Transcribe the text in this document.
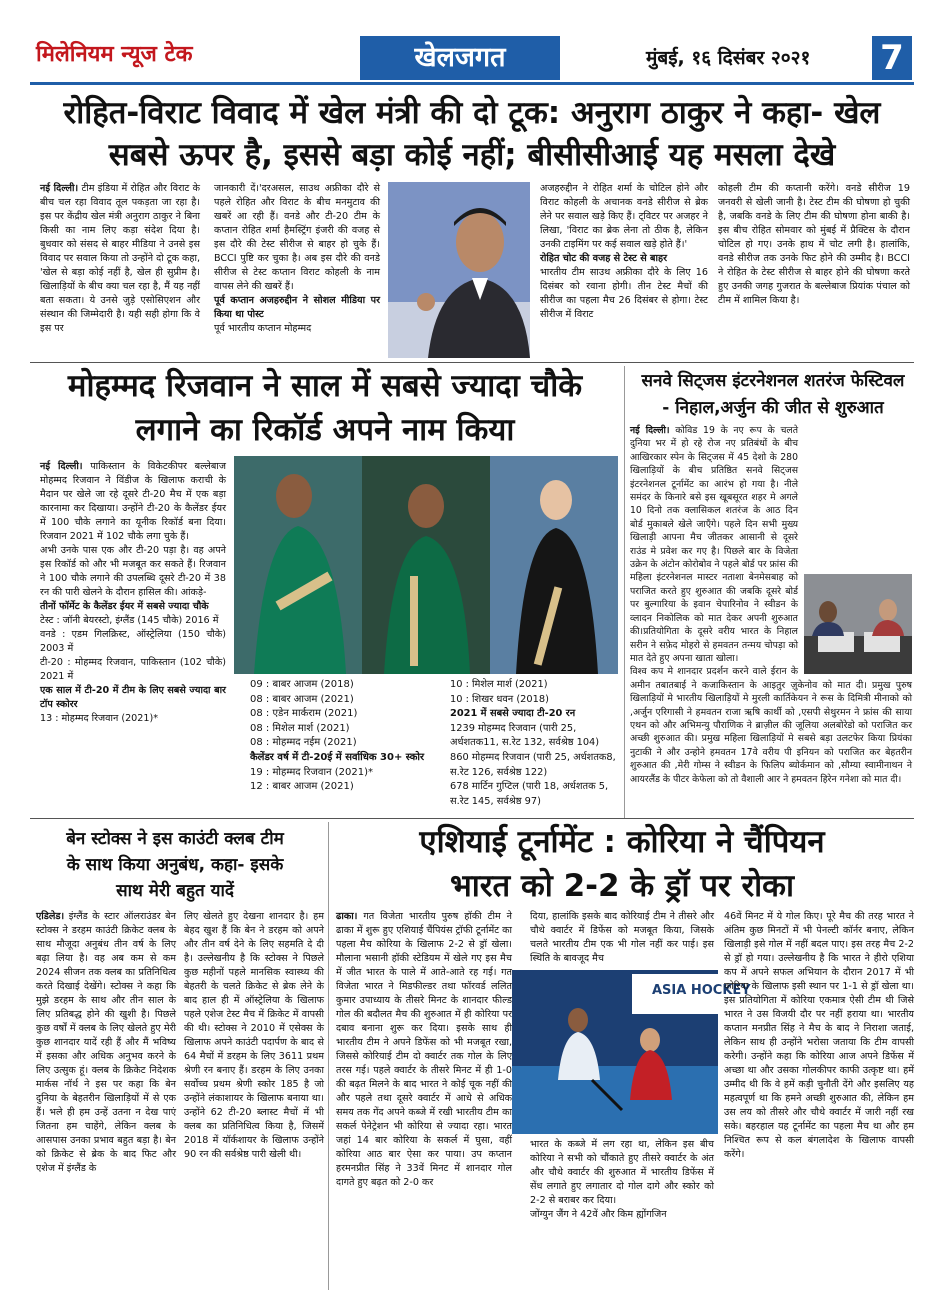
मिलेनियम न्यूज टेक	खेलजगत	मुंबई, १६ दिसंबर २०२१ 7
रोहित-विराट विवाद में खेल मंत्री की दो टूक: अनुराग ठाकुर ने कहा- खेल
सबसे ऊपर है, इससे बड़ा कोई नहीं; बीसीसीआई यह मसला देखे

नई दिल्ली। टीम इंडिया में रोहित और विराट के बीच चल रहा विवाद तूल पकड़ता जा रहा है। इस पर केंद्रीय खेल मंत्री अनुराग ठाकुर ने बिना किसी का नाम लिए कड़ा संदेश दिया है। बुधवार को संसद से बाहर मीडिया ने उनसे इस विवाद पर सवाल किया तो उन्होंने दो टूक कहा, 'खेल से बड़ा कोई नहीं है, खेल ही सुप्रीम है। खिलाड़ियों के बीच क्या चल रहा है, मैं यह नहीं बता सकता। ये उनसे जुड़े एसोसिएशन और संस्थान की जिम्मेदारी है। यही सही होगा कि वे इस पर

जानकारी दें।'दरअसल, साउथ अफ्रीका दौरे से पहले रोहित और विराट के बीच मनमुटाव की खबरें आ रही हैं। वनडे और टी-20 टीम के कप्तान रोहित शर्मा हैमस्ट्रिंग इंजरी की वजह से इस दौरे की टेस्ट सीरीज से बाहर हो चुके हैं। BCCI पुष्टि कर चुका है। अब इस दौरे की वनडे सीरीज से टेस्ट कप्तान विराट कोहली के नाम वापस लेने की खबरें हैं।

पूर्व कप्तान अजहरुद्दीन ने सोशल मीडिया पर किया था पोस्ट

पूर्व भारतीय कप्तान मोहम्मद

अजहरुद्दीन ने रोहित शर्मा के चोटिल होने और विराट कोहली के अचानक वनडे सीरीज से ब्रेक लेने पर सवाल खड़े किए हैं। ट्विटर पर अजहर ने लिखा, 'विराट का ब्रेक लेना तो ठीक है, लेकिन उनकी टाइमिंग पर कई सवाल खड़े होते हैं।'

रोहित चोट की वजह से टेस्ट से बाहर

भारतीय टीम साउथ अफ्रीका दौरे के लिए 16 दिसंबर को रवाना होगी। तीन टेस्ट मैचों की सीरीज का पहला मैच 26 दिसंबर से होगा। टेस्ट सीरीज में विराट

कोहली टीम की कप्तानी करेंगे। वनडे सीरीज 19 जनवरी से खेली जानी है। टेस्ट टीम की घोषणा हो चुकी है, जबकि वनडे के लिए टीम की घोषणा होना बाकी है।इस बीच रोहित सोमवार को मुंबई में प्रैक्टिस के दौरान चोटिल हो गए। उनके हाथ में चोट लगी है। हालांकि, वनडे सीरीज तक उनके फिट होने की उम्मीद है। BCCI ने रोहित के टेस्ट सीरीज से बाहर होने की घोषणा करते हुए उनकी जगह गुजरात के बल्लेबाज प्रियांक पंचाल को टीम में शामिल किया है।

मोहम्मद रिजवान ने साल में सबसे ज्यादा चौके
लगाने का रिकॉर्ड अपने नाम किया

नई दिल्ली। पाकिस्तान के विकेटकीपर बल्लेबाज मोहम्मद रिजवान ने विंडीज के खिलाफ कराची के मैदान पर खेले जा रहे दूसरे टी-20 मैच में एक बड़ा कारनामा कर दिखाया। उन्होंने टी-20 के कैलेंडर ईयर में 100 चौके लगाने का यूनीक रिकॉर्ड बना दिया। रिजवान 2021 में 102 चौके लगा चुके हैं।

अभी उनके पास एक और टी-20 पड़ा है। वह अपने इस रिकॉर्ड को और भी मजबूत कर सकते हैं। रिजवान ने 100 चौके लगाने की उपलब्धि दूसरे टी-20 में 38 रन की पारी खेलने के दौरान हासिल की। आंकड़े-

तीनों फॉर्मेट के कैलेंडर ईयर में सबसे ज्यादा चौके

टेस्ट : जॉनी बेयरस्टो, इंग्लैंड (145 चौके) 2016 में

वनडे : एडम गिलक्रिस्ट, ऑस्ट्रेलिया (150 चौके) 2003 में

टी-20 : मोहम्मद रिजवान, पाकिस्तान (102 चौके) 2021 में

एक साल में टी-20 में टीम के लिए सबसे ज्यादा बार टॉप स्कोरर

13 : मोहम्मद रिजवान (2021)*

09 : बाबर आजम (2018)
08 : बाबर आजम (2021)
08 : एडेन मार्कराम (2021)
08 : मिशेल मार्श (2021)
08 : मोहम्मद नईम (2021)
कैलेंडर वर्ष में टी-20ई में सर्वाधिक 30+ स्कोर
19 : मोहम्मद रिजवान (2021)*
12 : बाबर आजम (2021)
10 : मिशेल मार्श (2021)
10 : शिखर धवन (2018)
2021 में सबसे ज्यादा टी-20 रन
1239 मोहम्मद रिजवान (पारी 25, अर्धशतक11, स.रेट 132, सर्वश्रेष्ठ 104)
860 मोहम्मद रिजवान (पारी 25, अर्धशतक8, स.रेट 126, सर्वश्रेष्ठ 122)
678 मार्टिन गुप्टिल (पारी 18, अर्धशतक 5, स.रेट 145, सर्वश्रेष्ठ 97)
सनवे सिट्जस इंटरनेशनल शतरंज फेस्टिवल
- निहाल,अर्जुन की जीत से शुरुआत

नई दिल्ली। कोविड 19 के नए रूप के चलते दुनिया भर में हो रहे रोज नए प्रतिबंधों के बीच आखिरकार स्पेन के सिट्जस में 45 देशो के 280 खिलाड़ियों के बीच प्रतिष्ठित सनवे सिट्जस इंटरनेशनल टूर्नामेंट का आरंभ हो गया है। नीले समंदर के किनारे बसे इस खूबसूरत शहर मे अगले 10 दिनो तक क्लासिकल शतरंज के आठ दिन बोर्ड मुकाबले खेले जाएँगे। पहले दिन सभी मुख्य खिलाड़ी आपना मैच जीतकर आसानी से दूसरे राउंड मे प्रवेश कर गए है। पिछले बार के विजेता उक्रेन के अंटोन कोरोबोव ने पहले बोर्ड पर फ्रांस की महिला इंटरनेशनल मास्टर नताशा बेनमेसबाह को पराजित करते हुए शुरुआत की जबकि दूसरे बोर्ड पर बुल्गारिया के इवान चेपारिनोव ने स्वीडन के व्लादन निकोलिक को मात देकर अपनी शुरुआत की।प्रतियोगिता के दूसरे वरीय भारत के निहाल सरीन ने सफ़ेद मोहरो से हमवतन तन्मय चोपड़ा को मात देते हुए अपना खाता खोला।

विश्व कप मे शानदार प्रदर्शन करने वाले ईरान के अमीन तबातबाई ने कजाकिस्तान के आइतुर ज़ुकेनोव को मात दी। प्रमुख पुरुष खिलाड़ियों मे भारतीय खिलाड़ियों मे मुरली कार्तिकेयन ने रूस के दिमित्री मीनाको को ,अर्जुन एरिगासी ने हमवतन राजा ऋषि कार्थी को ,एसपी सेथुरमन ने फ्रांस की साया एथन को और अभिमन्यु पौराणिक ने ब्राज़ील की जूलिया अलबोरेडो को पराजित कर अच्छी शुरुआत की। प्रमुख महिला खिलाड़ियों मे सबसे बड़ा उलटफेर किया प्रियंका नुटाकी ने और उन्होने हमवतन 17वे वरीय पी इनियन को पराजित कर बेहतरीन शुरुआत की ,मेरी गोम्स ने स्वीडन के फिलिप ब्योर्कमान को ,सौम्या स्वामीनाथन ने आयरलैंड के पीटर केफेला को तो वैशाली आर ने हमवतन हिरेन गनेशा को मात दी।

बेन स्टोक्स ने इस काउंटी क्लब टीम
के साथ किया अनुबंध, कहा- इसके
साथ मेरी बहुत यादें

एडिलेड। इंग्लैंड के स्टार ऑलराउंडर बेन स्टोक्स ने डरहम काउंटी क्रिकेट क्लब के साथ मौजूदा अनुबंध तीन वर्ष के लिए बढ़ा लिया है। वह अब कम से कम 2024 सीजन तक क्लब का प्रतिनिधित्व करते दिखाई देखेंगे। स्टोक्स ने कहा कि मुझे डरहम के साथ और तीन साल के लिए प्रतिबद्ध होने की खुशी है। पिछले कुछ वर्षों में क्लब के लिए खेलते हुए मेरी कुछ शानदार यादें रही हैं और मैं भविष्य में इसका और अधिक अनुभव करने के लिए उत्सुक हूं। क्लब के क्रिकेट निदेशक मार्कस नॉर्थ ने इस पर कहा कि बेन दुनिया के बेहतरीन खिलाड़ियों में से एक हैं। भले ही हम उन्हें उतना न देख पाएं जितना हम चाहेंगे, लेकिन क्लब के आसपास उनका प्रभाव बहुत बड़ा है। बेन को क्रिकेट से ब्रेक के बाद फिट और एशेज में इंग्लैंड के

लिए खेलते हुए देखना शानदार है। हम बेहद खुश हैं कि बेन ने डरहम को अपने और तीन वर्ष देने के लिए सहमति दे दी है। उल्लेखनीय है कि स्टोक्स ने पिछले कुछ महीनों पहले मानसिक स्वास्थ्य की बेहतरी के चलते क्रिकेट से ब्रेक लेने के बाद हाल ही में ऑस्ट्रेलिया के खिलाफ पहले एशेज टेस्ट मैच में क्रिकेट में वापसी की थी। स्टोक्स ने 2010 में एसेक्स के खिलाफ अपने काउंटी पदार्पण के बाद से 64 मैचों में डरहम के लिए 3611 प्रथम श्रेणी रन बनाए हैं। डरहम के लिए उनका सर्वोच्च प्रथम श्रेणी स्कोर 185 है जो उन्होंने लंकाशायर के खिलाफ बनाया था। उन्होंने 62 टी-20 ब्लास्ट मैचों में भी क्लब का प्रतिनिधित्व किया है, जिसमें 2018 में यॉर्कशायर के खिलाफ उन्होंने 90 रन की सर्वश्रेष्ठ पारी खेली थी।

एशियाई टूर्नामेंट : कोरिया ने चैंपियन
भारत को 2-2 के ड्रॉ पर रोका

ढाका। गत विजेता भारतीय पुरुष हॉकी टीम ने ढाका में शुरू हुए एशियाई चैंपियंस ट्रॉफी टूर्नामेंट का पहला मैच कोरिया के खिलाफ 2-2 से ड्रॉ खेला। मौलाना भसानी हॉकी स्टेडियम में खेले गए इस मैच में जीत भारत के पाले में आते-आते रह गई। गत विजेता भारत ने मिडफील्डर तथा फॉरवर्ड ललित कुमार उपाध्याय के तीसरे मिनट के शानदार फील्ड गोल की बदौलत मैच की शुरुआत में ही कोरिया पर दबाव बनाना शुरू कर दिया। इसके साथ ही भारतीय टीम ने अपने डिफेंस को भी मजबूत रखा, जिससे कोरियाई टीम दो क्वार्टर तक गोल के लिए तरस गई। पहले क्वार्टर के तीसरे मिनट में ही 1-0 की बढ़त मिलने के बाद भारत ने कोई चूक नहीं की और पहले तथा दूसरे क्वार्टर में आधे से अधिक समय तक गेंद अपने कब्जे में रखी भारतीय टीम का सकर्ल पेनेट्रेशन भी कोरिया से ज्यादा रहा। भारत जहां 14 बार कोरिया के सकर्ल में घुसा, वहीं कोरिया आठ बार ऐसा कर पाया। उप कप्तान हरमनप्रीत सिंह ने 33वें मिनट में शानदार गोल दागते हुए बढ़त को 2-0 कर

दिया, हालांकि इसके बाद कोरियाई टीम ने तीसरे और चौथे क्वार्टर में डिफेंस को मजबूत किया, जिसके चलते भारतीय टीम एक भी गोल नहीं कर पाई। इस स्थिति के बावजूद मैच

ASIA HOCKEY

भारत के कब्जे में लग रहा था, लेकिन इस बीच कोरिया ने सभी को चौंकाते हुए तीसरे क्वार्टर के अंत और चौथे क्वार्टर की शुरुआत में भारतीय डिफेंस में सेंध लगाते हुए लगातार दो गोल दागे और स्कोर को 2-2 से बराबर कर दिया।

जोंग्युन जैंग ने 42वें और किम ह्योंगजिन

46वें मिनट में ये गोल किए। पूरे मैच की तरह भारत ने अंतिम कुछ मिनटों में भी पेनल्टी कॉर्नर बनाए, लेकिन खिलाड़ी इसे गोल में नहीं बदल पाए। इस तरह मैच 2-2 से ड्रॉ हो गया। उल्लेखनीय है कि भारत ने हीरो एशिया कप में अपने सफल अभियान के दौरान 2017 में भी कोरिया के खिलाफ इसी स्थान पर 1-1 से ड्रॉ खेला था। इस प्रतियोगिता में कोरिया एकमात्र ऐसी टीम थी जिसे भारत ने उस विजयी दौर पर नहीं हराया था। भारतीय कप्तान मनप्रीत सिंह ने मैच के बाद ने निराशा जताई, लेकिन साथ ही उन्होंने भरोसा जताया कि टीम वापसी करेगी। उन्होंने कहा कि कोरिया आज अपने डिफेंस में अच्छा था और उसका गोलकीपर काफी उत्कृष्ट था। हमें उम्मीद थी कि वे हमें कड़ी चुनौती देंगे और इसलिए यह महत्वपूर्ण था कि हमने अच्छी शुरुआत की, लेकिन हम उस लय को तीसरे और चौथे क्वार्टर में जारी नहीं रख सके। बहरहाल यह टूर्नामेंट का पहला मैच था और हम निश्चित रूप से कल बंगलादेश के खिलाफ वापसी करेंगे।
